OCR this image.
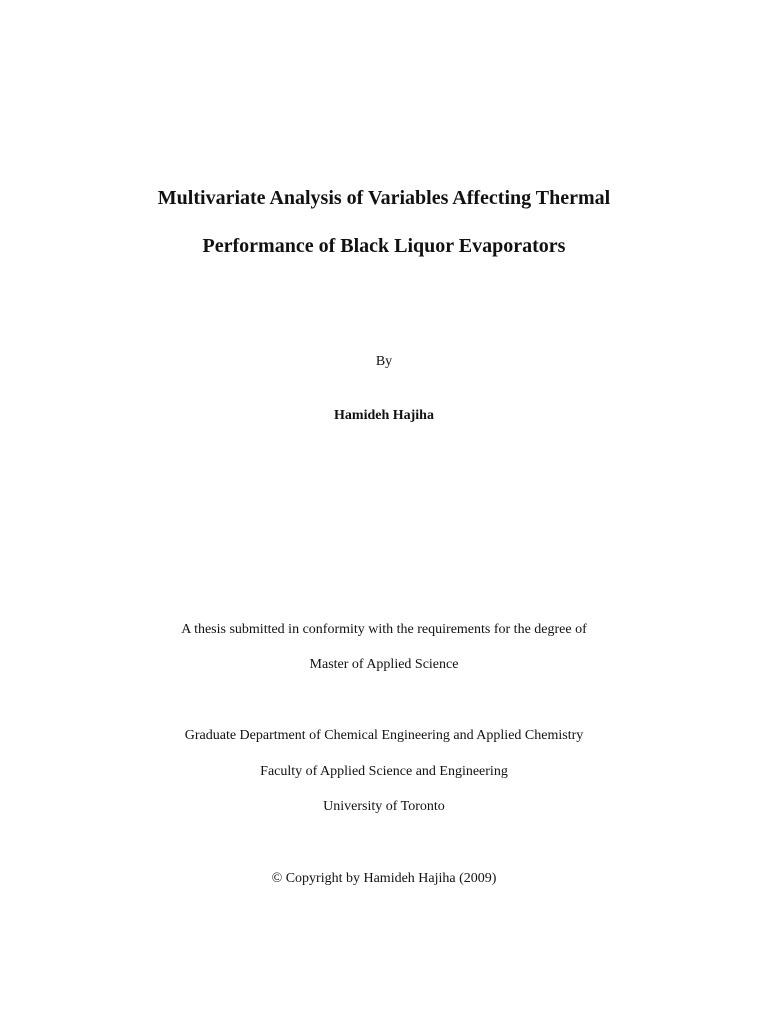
Multivariate Analysis of Variables Affecting Thermal
Performance of Black Liquor Evaporators
By
Hamideh Hajiha
A thesis submitted in conformity with the requirements for the degree of
Master of Applied Science
Graduate Department of Chemical Engineering and Applied Chemistry
Faculty of Applied Science and Engineering
University of Toronto
© Copyright by Hamideh Hajiha (2009)
